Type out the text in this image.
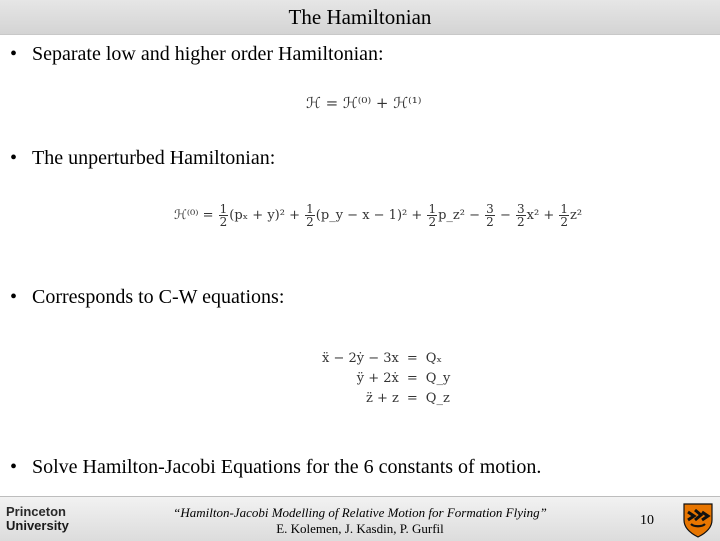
The Hamiltonian
• Separate low and higher order Hamiltonian:
ℋ = ℋ⁽⁰⁾ + ℋ⁽¹⁾
• The unperturbed Hamiltonian:
ℋ⁽⁰⁾ = $\frac{1}{2} (p_x + y)^2 + \frac{1}{2}$ (p_y − $x - 1)^2 + \frac{1}{2}$ p_z² − $\frac{3}{2} - \frac{3}{2} x^2 + \frac{1}{2} z^2$
• Corresponds to C-W equations:
ẍ − 2ẏ − 3x	=	Qₓ
ÿ + 2ẋ	=	Q_y
z̈ + z	=	Q_z
• Solve Hamilton-Jacobi Equations for the 6 constants of motion.
Princeton
University
“Hamilton-Jacobi Modelling of Relative Motion for Formation Flying”
E. Kolemen, J. Kasdin, P. Gurfil
10
